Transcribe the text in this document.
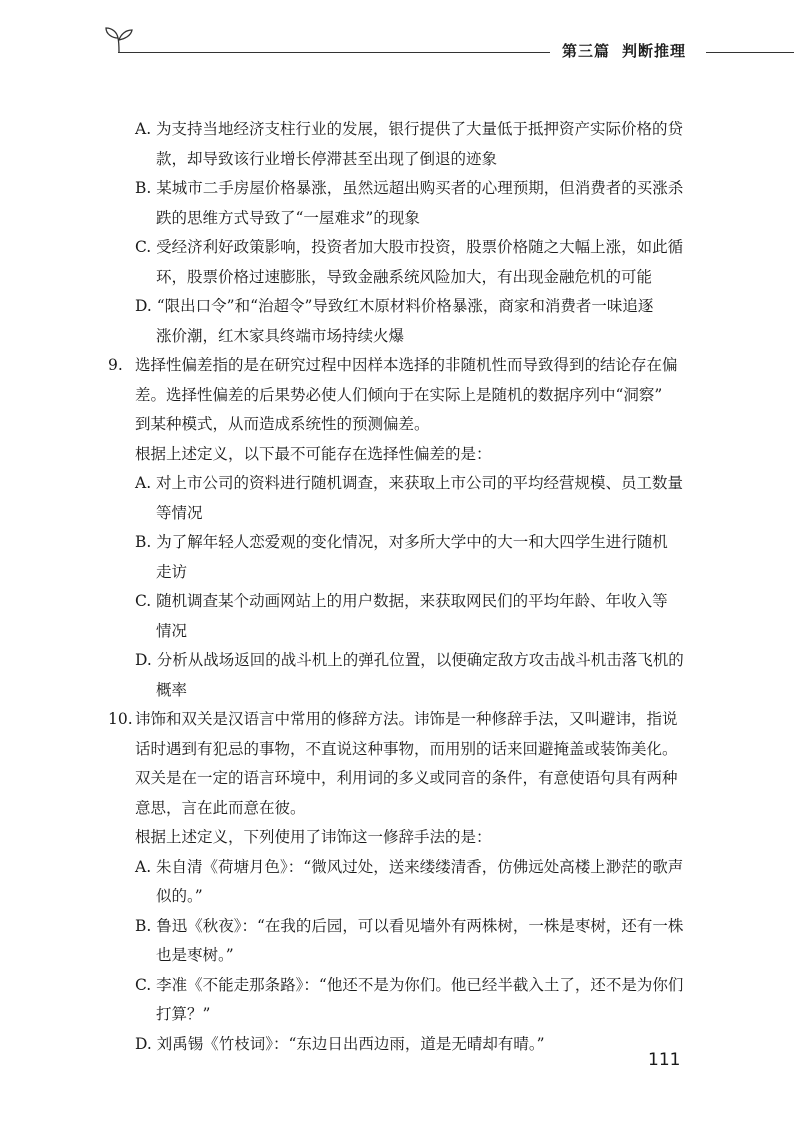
第三篇 判断推理
A. 为支持当地经济支柱行业的发展，银行提供了大量低于抵押资产实际价格的贷
款，却导致该行业增长停滞甚至出现了倒退的迹象
B. 某城市二手房屋价格暴涨，虽然远超出购买者的心理预期，但消费者的买涨杀
跌的思维方式导致了“一屋难求”的现象
C. 受经济利好政策影响，投资者加大股市投资，股票价格随之大幅上涨，如此循
环，股票价格过速膨胀，导致金融系统风险加大，有出现金融危机的可能
D. “限出口令”和“治超令”导致红木原材料价格暴涨，商家和消费者一味追逐
涨价潮，红木家具终端市场持续火爆
9. 选择性偏差指的是在研究过程中因样本选择的非随机性而导致得到的结论存在偏
差。选择性偏差的后果势必使人们倾向于在实际上是随机的数据序列中“洞察”
到某种模式，从而造成系统性的预测偏差。
根据上述定义，以下最不可能存在选择性偏差的是：
A. 对上市公司的资料进行随机调查，来获取上市公司的平均经营规模、员工数量
等情况
B. 为了解年轻人恋爱观的变化情况，对多所大学中的大一和大四学生进行随机
走访
C. 随机调查某个动画网站上的用户数据，来获取网民们的平均年龄、年收入等
情况
D. 分析从战场返回的战斗机上的弹孔位置，以便确定敌方攻击战斗机击落飞机的
概率
10. 讳饰和双关是汉语言中常用的修辞方法。讳饰是一种修辞手法，又叫避讳，指说
话时遇到有犯忌的事物，不直说这种事物，而用别的话来回避掩盖或装饰美化。
双关是在一定的语言环境中，利用词的多义或同音的条件，有意使语句具有两种
意思，言在此而意在彼。
根据上述定义，下列使用了讳饰这一修辞手法的是：
A. 朱自清《荷塘月色》：“微风过处，送来缕缕清香，仿佛远处高楼上渺茫的歌声
似的。”
B. 鲁迅《秋夜》：“在我的后园，可以看见墙外有两株树，一株是枣树，还有一株
也是枣树。”
C. 李准《不能走那条路》：“他还不是为你们。他已经半截入土了，还不是为你们
打算？”
D. 刘禹锡《竹枝词》：“东边日出西边雨，道是无晴却有晴。”
111
